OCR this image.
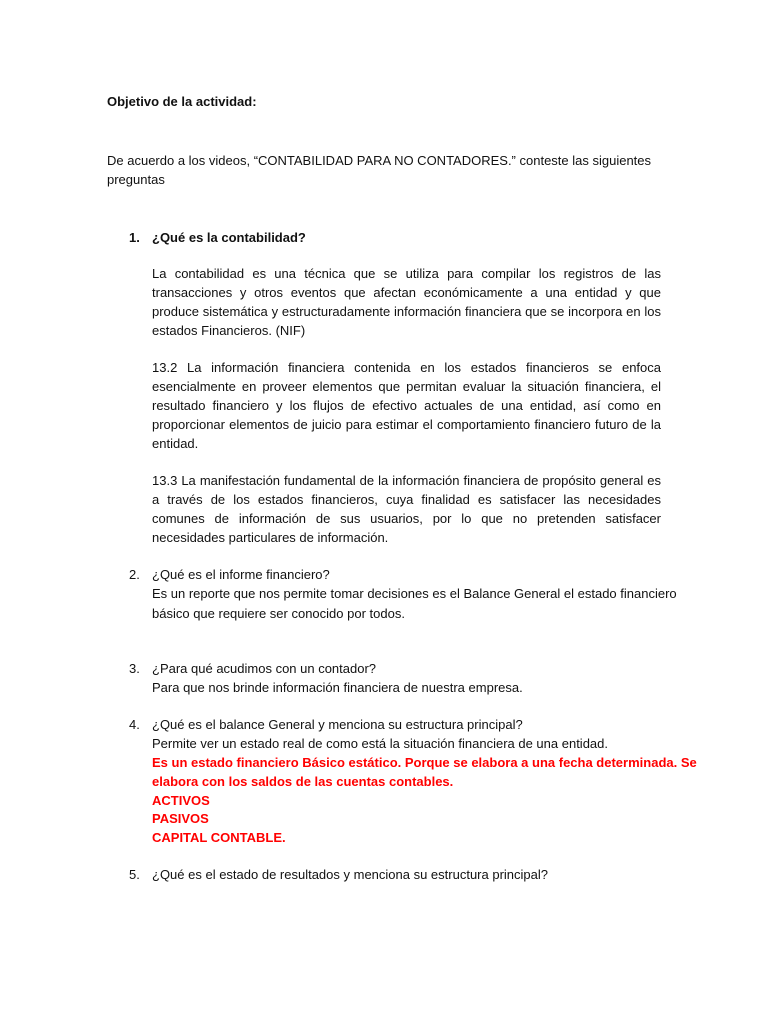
Objetivo de la actividad:
De acuerdo a los videos, “CONTABILIDAD PARA NO CONTADORES.” conteste las siguientes
preguntas
1. ¿Qué es la contabilidad?

La contabilidad es una técnica que se utiliza para compilar los registros de las transacciones y otros eventos que afectan económicamente a una entidad y que produce sistemática y estructuradamente información financiera que se incorpora en los estados Financieros. (NIF)

13.2 La información financiera contenida en los estados financieros se enfoca esencialmente en proveer elementos que permitan evaluar la situación financiera, el resultado financiero y los flujos de efectivo actuales de una entidad, así como en proporcionar elementos de juicio para estimar el comportamiento financiero futuro de la entidad.

13.3 La manifestación fundamental de la información financiera de propósito general es a través de los estados financieros, cuya finalidad es satisfacer las necesidades comunes de información de sus usuarios, por lo que no pretenden satisfacer necesidades particulares de información.

2. ¿Qué es el informe financiero?
Es un reporte que nos permite tomar decisiones es el Balance General el estado financiero
básico que requiere ser conocido por todos.
3. ¿Para qué acudimos con un contador?
Para que nos brinde información financiera de nuestra empresa.
4. ¿Qué es el balance General y menciona su estructura principal?
Permite ver un estado real de como está la situación financiera de una entidad.
Es un estado financiero Básico estático. Porque se elabora a una fecha determinada. Se
elabora con los saldos de las cuentas contables.
ACTIVOS
PASIVOS
CAPITAL CONTABLE.
5. ¿Qué es el estado de resultados y menciona su estructura principal?
